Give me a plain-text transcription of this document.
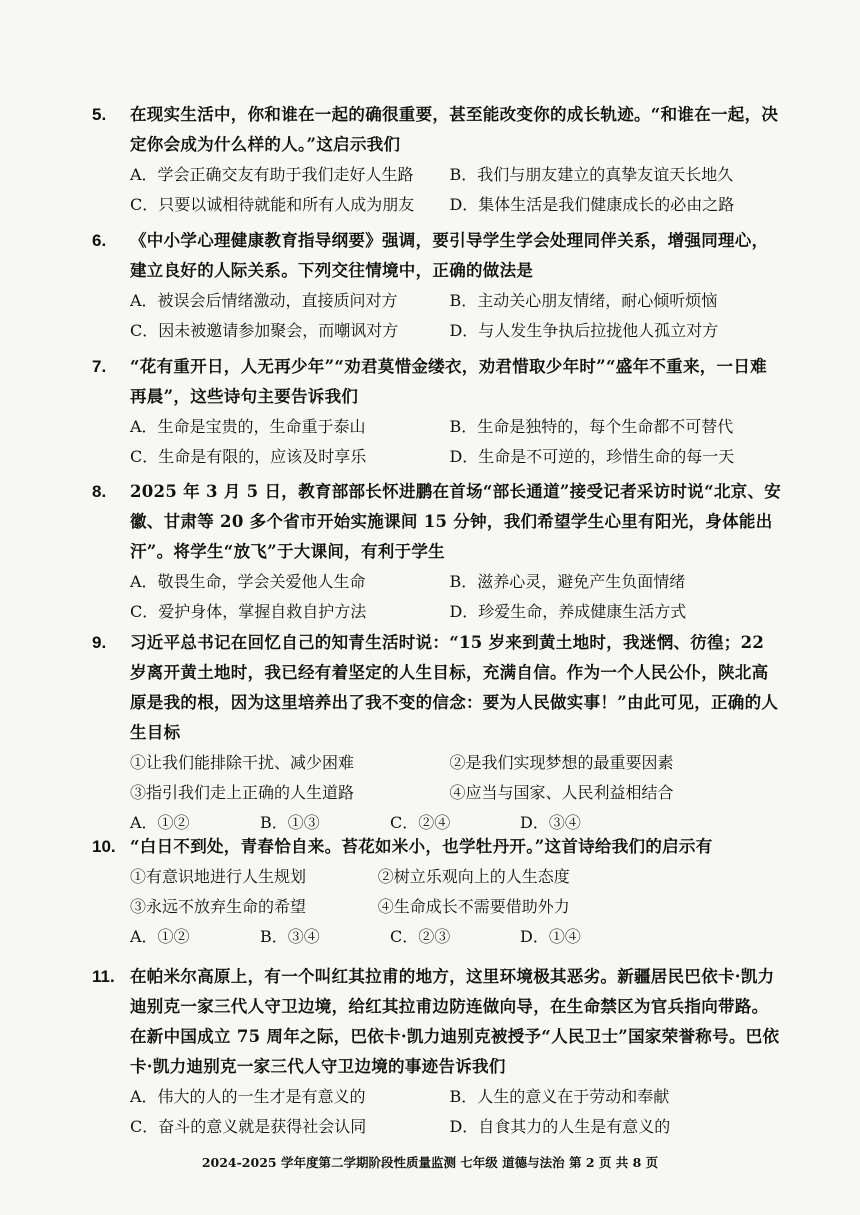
5.	在现实生活中，你和谁在一起的确很重要，甚至能改变你的成长轨迹。“和谁在一起，决定你会成为什么样的人。”这启示我们
A．学会正确交友有助于我们走好人生路	B．我们与朋友建立的真挚友谊天长地久
C．只要以诚相待就能和所有人成为朋友	D．集体生活是我们健康成长的必由之路
6.	《中小学心理健康教育指导纲要》强调，要引导学生学会处理同伴关系，增强同理心，建立良好的人际关系。下列交往情境中，正确的做法是
A．被误会后情绪激动，直接质问对方	B．主动关心朋友情绪，耐心倾听烦恼
C．因未被邀请参加聚会，而嘲讽对方	D．与人发生争执后拉拢他人孤立对方
7.	“花有重开日，人无再少年”“劝君莫惜金缕衣，劝君惜取少年时”“盛年不重来，一日难再晨”，这些诗句主要告诉我们
A．生命是宝贵的，生命重于泰山	B．生命是独特的，每个生命都不可替代
C．生命是有限的，应该及时享乐	D．生命是不可逆的，珍惜生命的每一天
8.	2025 年 3 月 5 日，教育部部长怀进鹏在首场“部长通道”接受记者采访时说“北京、安徽、甘肃等 20 多个省市开始实施课间 15 分钟，我们希望学生心里有阳光，身体能出汗”。将学生“放飞”于大课间，有利于学生
A．敬畏生命，学会关爱他人生命	B．滋养心灵，避免产生负面情绪
C．爱护身体，掌握自救自护方法	D．珍爱生命，养成健康生活方式
9.	习近平总书记在回忆自己的知青生活时说：“15 岁来到黄土地时，我迷惘、彷徨；22 岁离开黄土地时，我已经有着坚定的人生目标，充满自信。作为一个人民公仆，陕北高原是我的根，因为这里培养出了我不变的信念：要为人民做实事！”由此可见，正确的人生目标
①让我们能排除干扰、减少困难	②是我们实现梦想的最重要因素
③指引我们走上正确的人生道路	④应当与国家、人民利益相结合
A．①②	B．①③	C．②④	D．③④
10. “白日不到处，青春恰自来。苔花如米小，也学牡丹开。”这首诗给我们的启示有
①有意识地进行人生规划	②树立乐观向上的人生态度
③永远不放弃生命的希望	④生命成长不需要借助外力
A．①②	B．③④	C．②③	D．①④
11. 在帕米尔高原上，有一个叫红其拉甫的地方，这里环境极其恶劣。新疆居民巴依卡·凯力迪别克一家三代人守卫边境，给红其拉甫边防连做向导，在生命禁区为官兵指向带路。在新中国成立 75 周年之际，巴依卡·凯力迪别克被授予“人民卫士”国家荣誉称号。巴依卡·凯力迪别克一家三代人守卫边境的事迹告诉我们
A．伟大的人的一生才是有意义的	B．人生的意义在于劳动和奉献
C．奋斗的意义就是获得社会认同	D．自食其力的人生是有意义的
2024-2025 学年度第二学期阶段性质量监测 七年级 道德与法治 第 2 页 共 8 页
